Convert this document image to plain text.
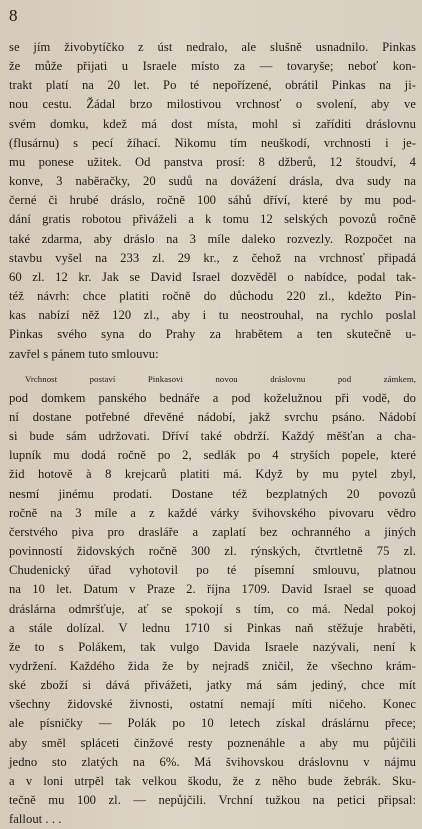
8

se jím živobytíčko z úst nedralo, ale slušně usnadnilo. Pinkas
že může přijati u Israele místo za — tovaryše; neboť kon-
trakt platí na 20 let. Po té nepořízené, obrátil Pinkas na ji-
nou cestu. Žádal brzo milostivou vrchnosť o svolení, aby ve
svém domku, kdež má dost místa, mohl si zaříditi dráslovnu
(flusárnu) s pecí žíhací. Nikomu tím neuškodí, vrchnosti i je-
mu ponese užitek. Od panstva prosí: 8 džberů, 12 štoudví, 4
konve, 3 naběračky, 20 sudů na dovážení drásla, dva sudy na
černé či hrubé dráslo, ročně 100 sáhů dříví, které by mu pod-
dání gratis robotou přiváželi a k tomu 12 selských povozů ročně
také zdarma, aby dráslo na 3 míle daleko rozvezly. Rozpočet na
stavbu vyšel na 233 zl. 29 kr., z čehož na vrchnosť připadá
60 zl. 12 kr. Jak se David Israel dozvěděl o nabídce, podal tak-
též návrh: chce platiti ročně do důchodu 220 zl., kdežto Pin-
kas nabízí něž 120 zl., aby i tu neostrouhal, na rychlo poslal
Pinkas svého syna do Prahy za hrabětem a ten skutečně u-
zavřel s pánem tuto smlouvu:

Vrchnost postaví Pinkasovi novou dráslovnu pod zámkem,
pod domkem panského bednáře a pod koželužnou při vodě, do
ní dostane potřebné dřevěné nádobí, jakž svrchu psáno. Nádobí
si bude sám udržovati. Dříví také obdrží. Každý měšťan a cha-
lupník mu dodá ročně po 2, sedlák po 4 stryších popele, které
žid hotově à 8 krejcarů platiti má. Když by mu pytel zbyl,
nesmí jinému prodati. Dostane též bezplatných 20 povozů
ročně na 3 míle a z každé várky švihovského pivovaru vědro
čerstvého piva pro drasláře a zaplatí bez ochranného a jiných
povinností židovských ročně 300 zl. rýnských, čtvrtletně 75 zl.
Chudenický úřad vyhotovil po té písemní smlouvu, platnou
na 10 let. Datum v Praze 2. října 1709. David Israel se quoad
dráslárna odmršťuje, ať se spokojí s tím, co má. Nedal pokoj
a stále dolízal. V lednu 1710 si Pinkas naň stěžuje hraběti,
že to s Polákem, tak vulgo Davida Israele nazývali, není k
vydržení. Každého žida že by nejradš zničil, že všechno krám-
ské zboží si dává přivážeti, jatky má sám jediný, chce mít
všechny židovské živnosti, ostatní nemají míti ničeho. Konec
ale písničky — Polák po 10 letech získal dráslárnu přece;
aby směl spláceti činžové resty poznenáhle a aby mu půjčili
jedno sto zlatých na 6%. Má švihovskou dráslovnu v nájmu
a v loni utrpěl tak velkou škodu, že z něho bude žebrák. Sku-
tečně mu 100 zl. — nepůjčili. Vrchní tužkou na petici připsal:
fallout . . .
